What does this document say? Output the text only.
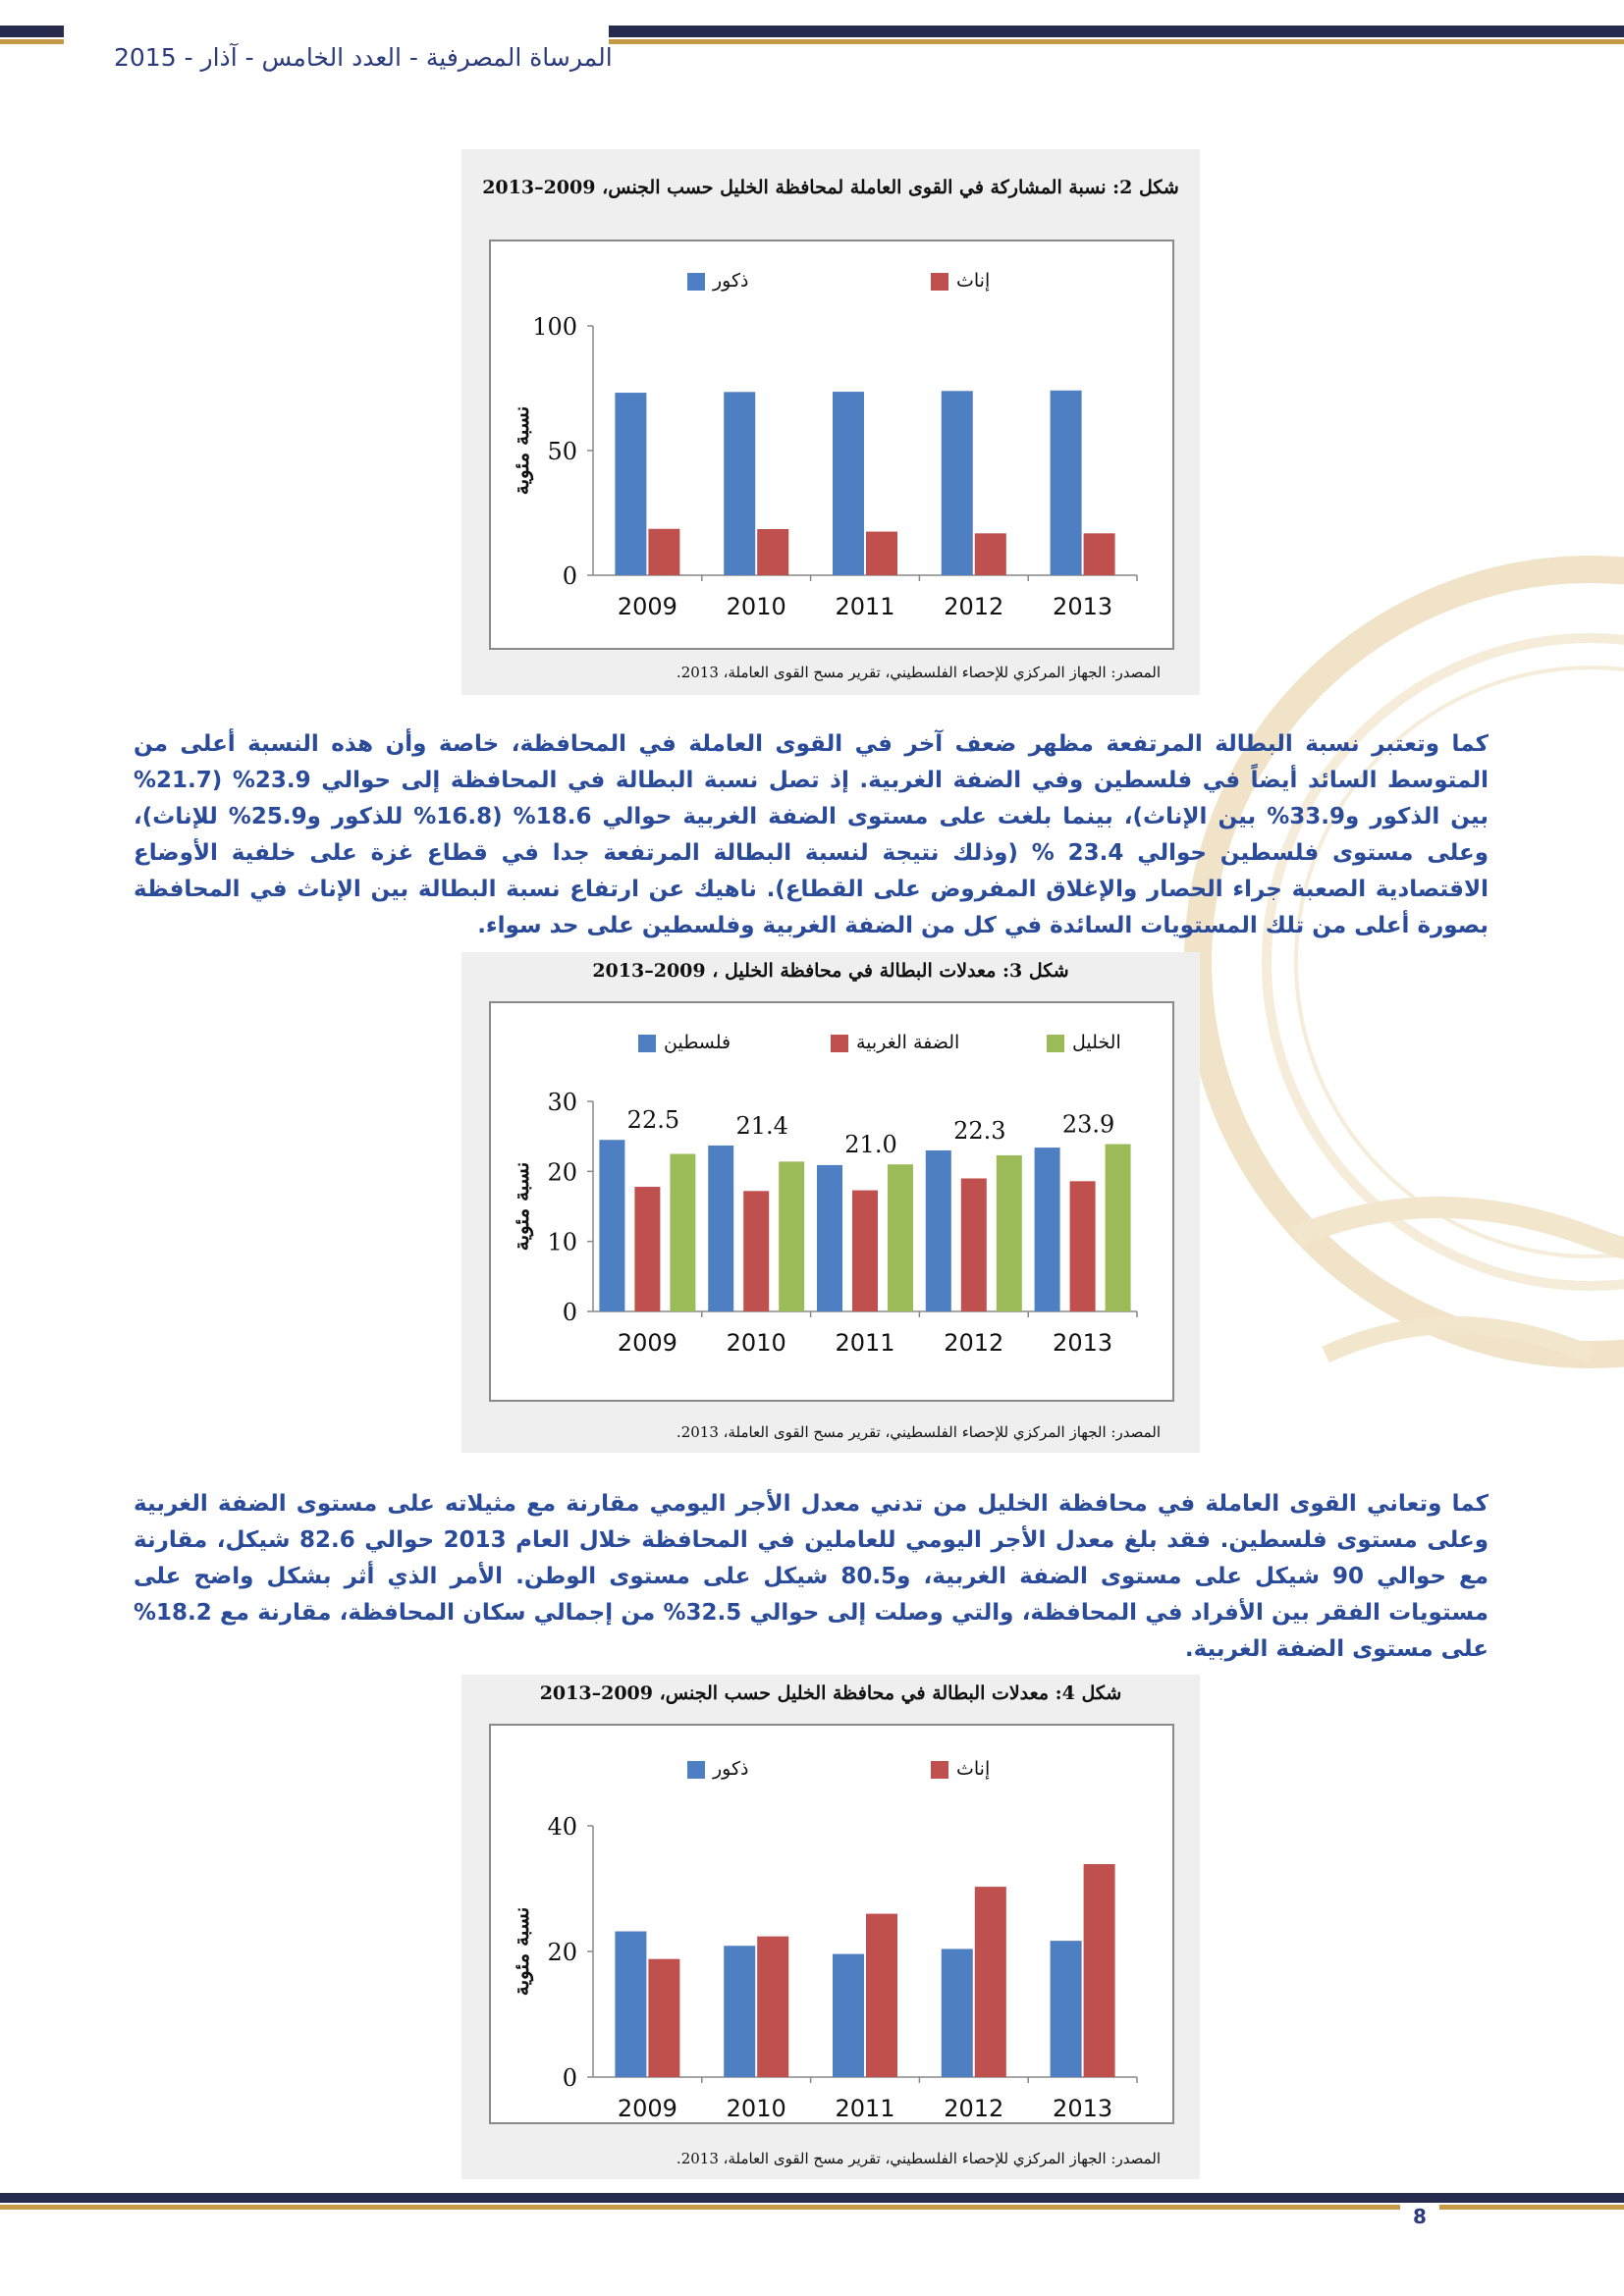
المرساة المصرفية - العدد الخامس - آذار - 2015
شكل 2: نسبة المشاركة في القوى العاملة لمحافظة الخليل حسب الجنس، 2009–2013
0
50
100
نسبة مئوية
2009 2010 2011 2012 2013
ذكور	إناث
المصدر: الجهاز المركزي للإحصاء الفلسطيني، تقرير مسح القوى العاملة، 2013.
كما وتعتبر نسبة البطالة المرتفعة مظهر ضعف آخر في القوى العاملة في المحافظة، خاصة وأن هذه النسبة أعلى من المتوسط السائد أيضاً في فلسطين وفي الضفة الغربية. إذ تصل نسبة البطالة في المحافظة إلى حوالي 23.9% (21.7% بين الذكور و33.9% بين الإناث)، بينما بلغت على مستوى الضفة الغربية حوالي 18.6% (16.8% للذكور و25.9% للإناث)، وعلى مستوى فلسطين حوالي 23.4 % (وذلك نتيجة لنسبة البطالة المرتفعة جدا في قطاع غزة على خلفية الأوضاع الاقتصادية الصعبة جراء الحصار والإغلاق المفروض على القطاع). ناهيك عن ارتفاع نسبة البطالة بين الإناث في المحافظة بصورة أعلى من تلك المستويات السائدة في كل من الضفة الغربية وفلسطين على حد سواء.
شكل 3: معدلات البطالة في محافظة الخليل ، 2009–2013
0
10
20
30
نسبة مئوية
2009
22.5
2010
21.4
2011
21.0
2012
22.3
2013
23.9
فلسطين	الضفة الغربية	الخليل
المصدر: الجهاز المركزي للإحصاء الفلسطيني، تقرير مسح القوى العاملة، 2013.
كما وتعاني القوى العاملة في محافظة الخليل من تدني معدل الأجر اليومي مقارنة مع مثيلاته على مستوى الضفة الغربية وعلى مستوى فلسطين. فقد بلغ معدل الأجر اليومي للعاملين في المحافظة خلال العام 2013 حوالي 82.6 شيكل، مقارنة مع حوالي 90 شيكل على مستوى الضفة الغربية، و80.5 شيكل على مستوى الوطن. الأمر الذي أثر بشكل واضح على مستويات الفقر بين الأفراد في المحافظة، والتي وصلت إلى حوالي 32.5% من إجمالي سكان المحافظة، مقارنة مع 18.2% على مستوى الضفة الغربية.
شكل 4: معدلات البطالة في محافظة الخليل حسب الجنس، 2009–2013
0
20
40
نسبة مئوية
2009 2010 2011 2012 2013
ذكور	إناث
المصدر: الجهاز المركزي للإحصاء الفلسطيني، تقرير مسح القوى العاملة، 2013.
8
